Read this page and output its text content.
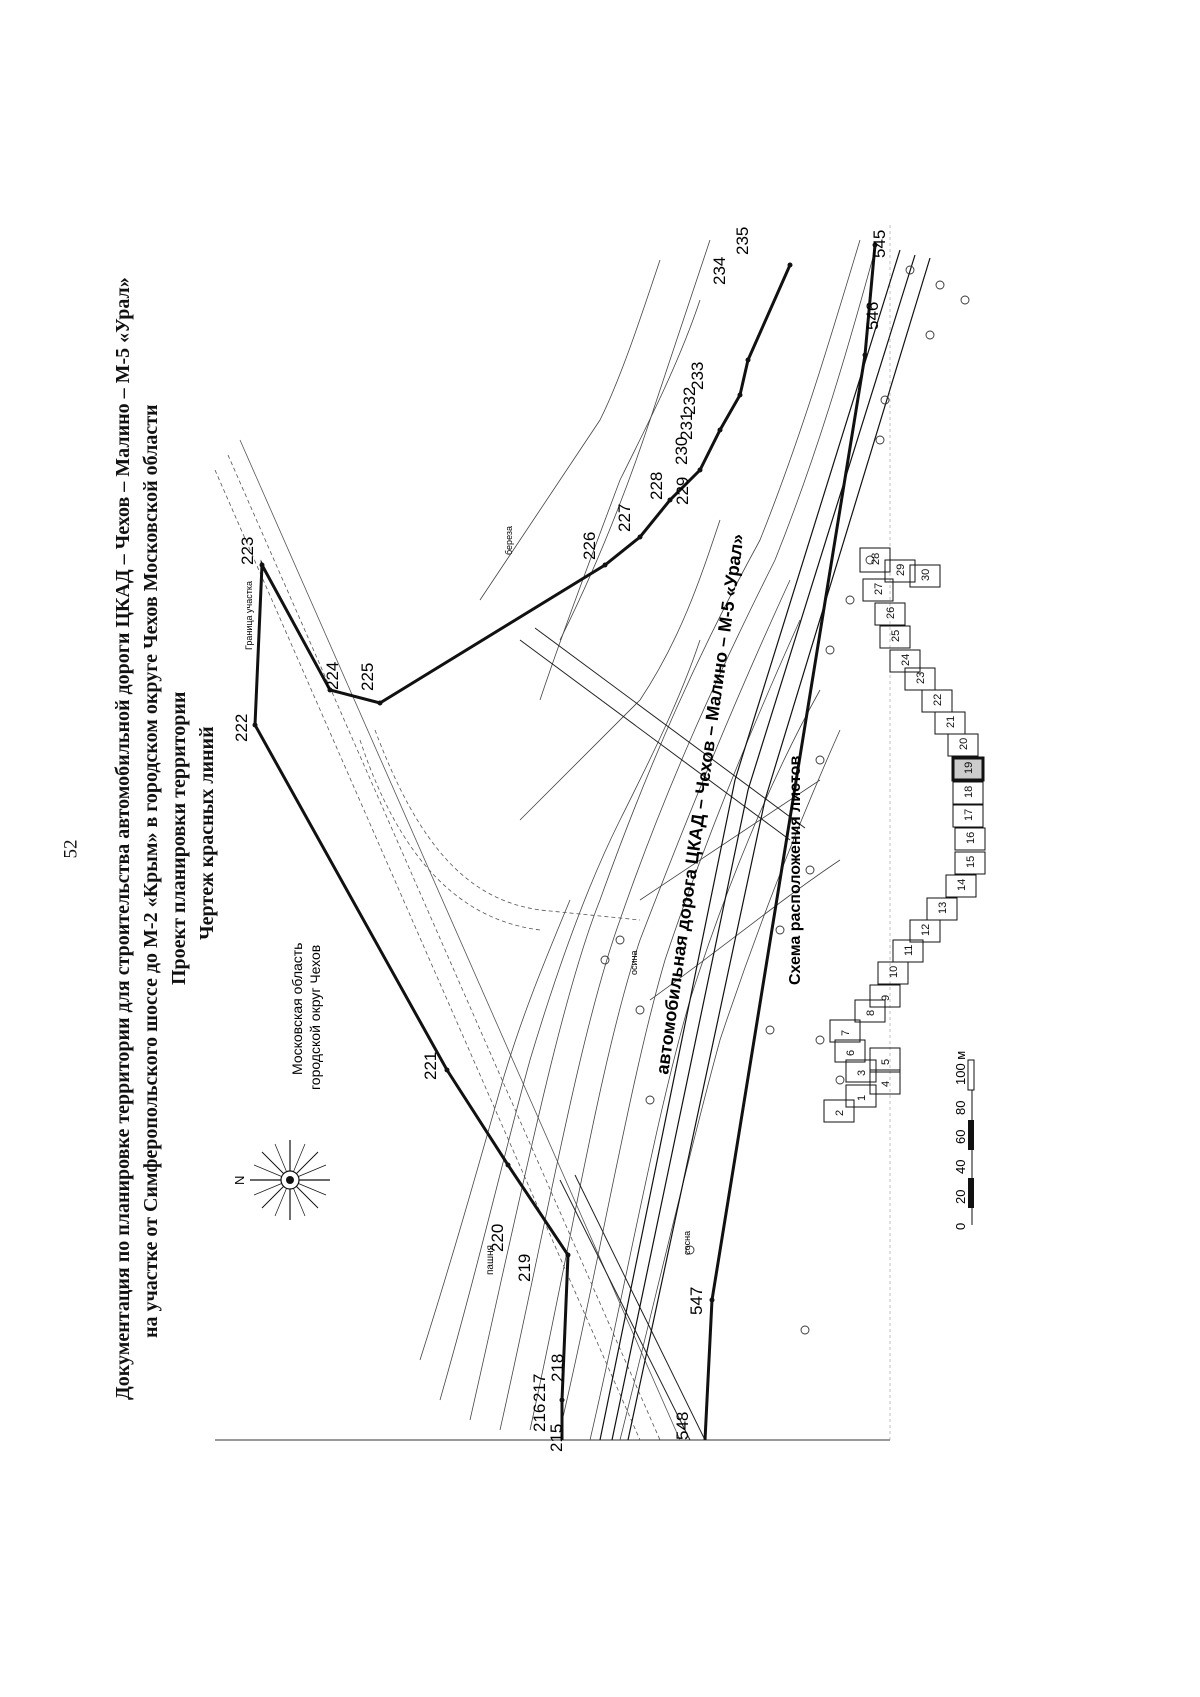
52 Документация по планировке территории для строительства автомобильной дороги ЦКАД – Чехов – Малино – М-5 «Урал» на участке от Симферопольского шоссе до М-2 «Крым» в городском округе Чехов Московской области Проект планировки территории Чертеж красных линий
N
Московская область городской округ Чехов	автомобильная дорога ЦКАД – Чехов – Малино – М-5 «Урал»
пашня
Граница участка
береза
сосна
осина
215
216
217
218
219
220
221
222
223
224 225
226
227
228 229
230
231
232
233
234
235	545
546
547
548
Схема расположения листов
1
2
3
4
5
6
7
8
9
10
11
12
13
14
15
16
17
18
19
20
21
22
23
24
25
26
27
28
29 30
0
20
40
60
80
100 м
